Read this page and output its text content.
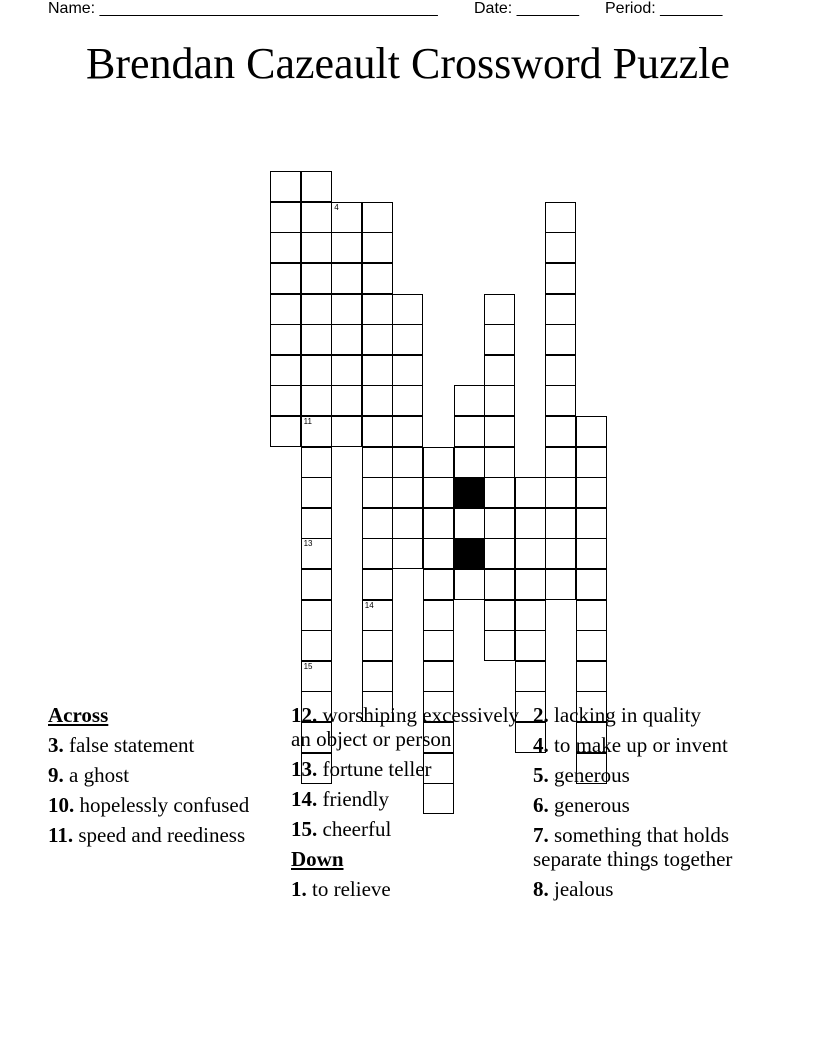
Name: ______________________________________ Date: _______ Period: _______
Brendan Cazeault Crossword Puzzle
11
13
15
4
14
Across
3. false statement
9. a ghost
10. hopelessly confused
11. speed and reediness
12. worshiping excessively an object or person
13. fortune teller
14. friendly
15. cheerful
Down
1. to relieve
2. lacking in quality
4. to make up or invent
5. generous
6. generous
7. something that holds separate things together
8. jealous
